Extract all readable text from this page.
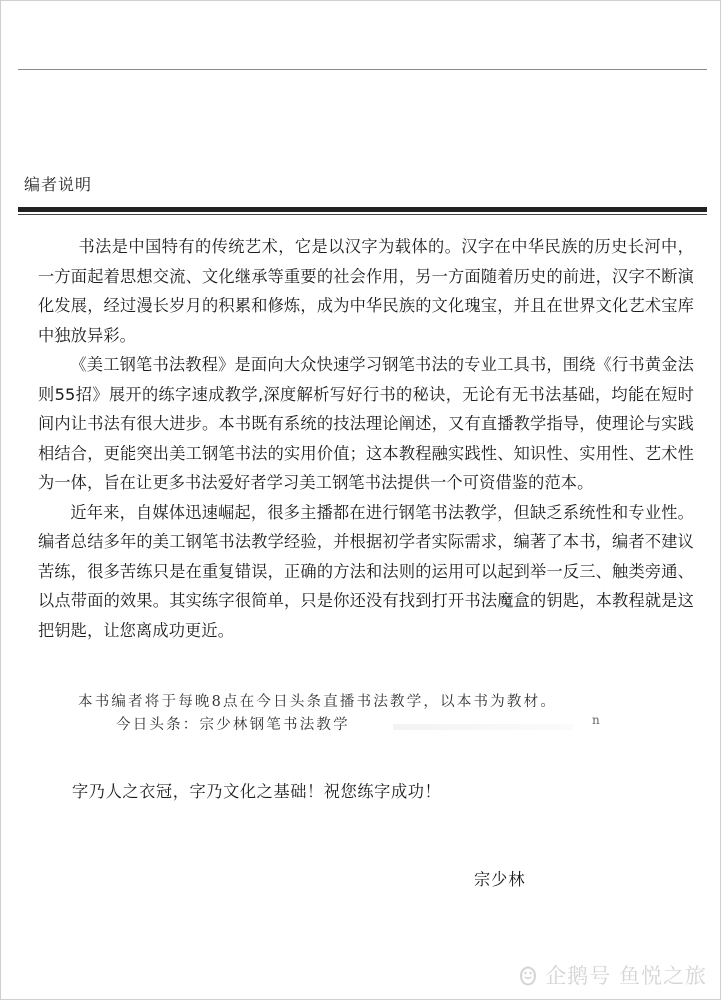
编者说明

书法是中国特有的传统艺术，它是以汉字为载体的。汉字在中华民族的历史长河中，一方面起着思想交流、文化继承等重要的社会作用，另一方面随着历史的前进，汉字不断演化发展，经过漫长岁月的积累和修炼，成为中华民族的文化瑰宝，并且在世界文化艺术宝库中独放异彩。

《美工钢笔书法教程》是面向大众快速学习钢笔书法的专业工具书，围绕《行书黄金法则55招》展开的练字速成教学,深度解析写好行书的秘诀，无论有无书法基础，均能在短时间内让书法有很大进步。本书既有系统的技法理论阐述，又有直播教学指导，使理论与实践相结合，更能突出美工钢笔书法的实用价值；这本教程融实践性、知识性、实用性、艺术性为一体，旨在让更多书法爱好者学习美工钢笔书法提供一个可资借鉴的范本。

近年来，自媒体迅速崛起，很多主播都在进行钢笔书法教学，但缺乏系统性和专业性。编者总结多年的美工钢笔书法教学经验，并根据初学者实际需求，编著了本书，编者不建议苦练，很多苦练只是在重复错误，正确的方法和法则的运用可以起到举一反三、触类旁通、以点带面的效果。其实练字很简单，只是你还没有找到打开书法魔盒的钥匙，本教程就是这把钥匙，让您离成功更近。

本书编者将于每晚8点在今日头条直播书法教学，以本书为教材。
今日头条：宗少林钢笔书法教学	n
字乃人之衣冠，字乃文化之基础！祝您练字成功！
宗少林
企鹅号 鱼悦之旅
